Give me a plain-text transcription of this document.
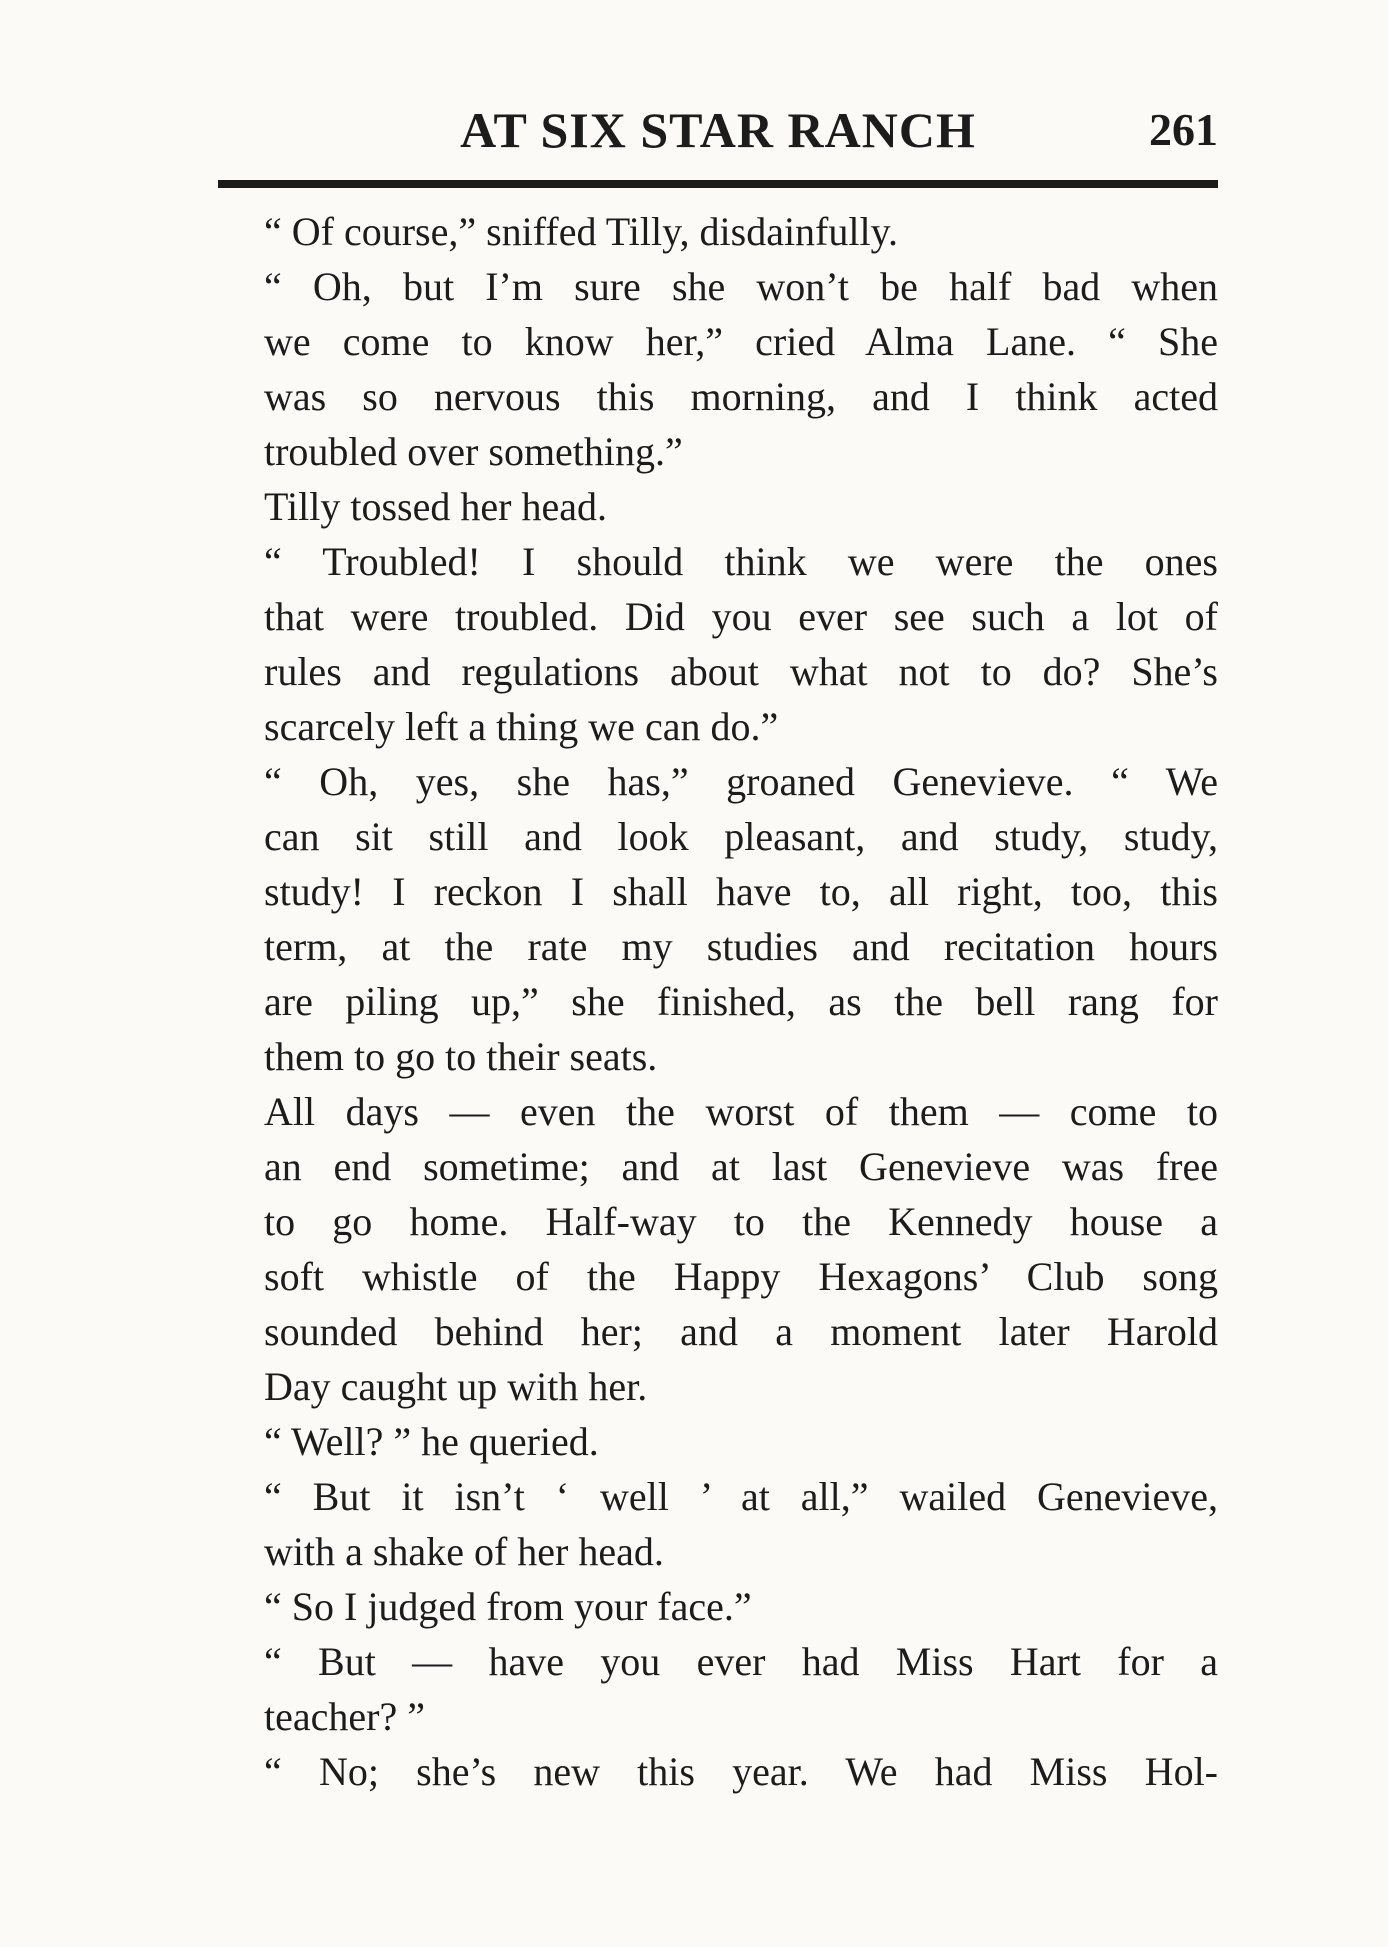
AT SIX STAR RANCH	261

“ Of course,” sniffed Tilly, disdainfully.

“ Oh, but I’m sure she won’t be half bad when
we come to know her,” cried Alma Lane. “ She
was so nervous this morning, and I think acted
troubled over something.”

Tilly tossed her head.

“ Troubled! I should think we were the ones
that were troubled. Did you ever see such a lot of
rules and regulations about what not to do? She’s
scarcely left a thing we can do.”

“ Oh, yes, she has,” groaned Genevieve. “ We
can sit still and look pleasant, and study, study,
study! I reckon I shall have to, all right, too, this
term, at the rate my studies and recitation hours
are piling up,” she finished, as the bell rang for
them to go to their seats.

All days — even the worst of them — come to
an end sometime; and at last Genevieve was free
to go home. Half-way to the Kennedy house a
soft whistle of the Happy Hexagons’ Club song
sounded behind her; and a moment later Harold
Day caught up with her.

“ Well? ” he queried.

“ But it isn’t ‘ well ’ at all,” wailed Genevieve,
with a shake of her head.

“ So I judged from your face.”

“ But — have you ever had Miss Hart for a
teacher? ”

“ No; she’s new this year. We had Miss Hol-
